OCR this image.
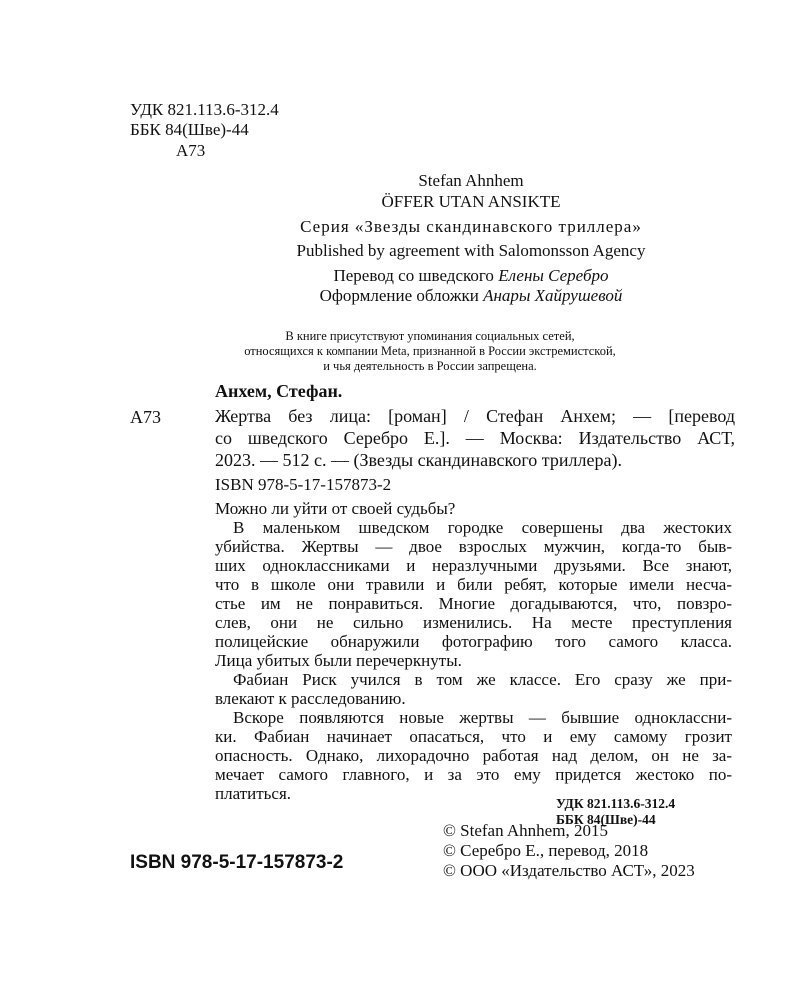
УДК 821.113.6-312.4
ББК 84(Шве)-44
А73
Stefan Ahnhem
ÖFFER UTAN ANSIKTE
Серия «Звезды скандинавского триллера»
Published by agreement with Salomonsson Agency
Перевод со шведского Елены Серебро
Оформление обложки Анары Хайрушевой
В книге присутствуют упоминания социальных сетей,
относящихся к компании Meta, признанной в России экстремистской,
и чья деятельность в России запрещена.
Анхем, Стефан.
А73	Жертва без лица: [роман] / Стефан Анхем; — [перевод
со шведского Серебро Е.]. — Москва: Издательство АСТ,
2023. — 512 с. — (Звезды скандинавского триллера).
ISBN 978-5-17-157873-2
Можно ли уйти от своей судьбы?
В маленьком шведском городке совершены два жестоких
убийства. Жертвы — двое взрослых мужчин, когда-то быв-
ших одноклассниками и неразлучными друзьями. Все знают,
что в школе они травили и били ребят, которые имели несча-
стье им не понравиться. Многие догадываются, что, повзро-
слев, они не сильно изменились. На месте преступления
полицейские обнаружили фотографию того самого класса.
Лица убитых были перечеркнуты.
Фабиан Риск учился в том же классе. Его сразу же при-
влекают к расследованию.
Вскоре появляются новые жертвы — бывшие одноклассни-
ки. Фабиан начинает опасаться, что и ему самому грозит
опасность. Однако, лихорадочно работая над делом, он не за-
мечает самого главного, и за это ему придется жестоко по-
платиться.
УДК 821.113.6-312.4
ББК 84(Шве)-44
ISBN 978-5-17-157873-2
© Stefan Ahnhem, 2015
© Серебро Е., перевод, 2018
© ООО «Издательство АСТ», 2023
